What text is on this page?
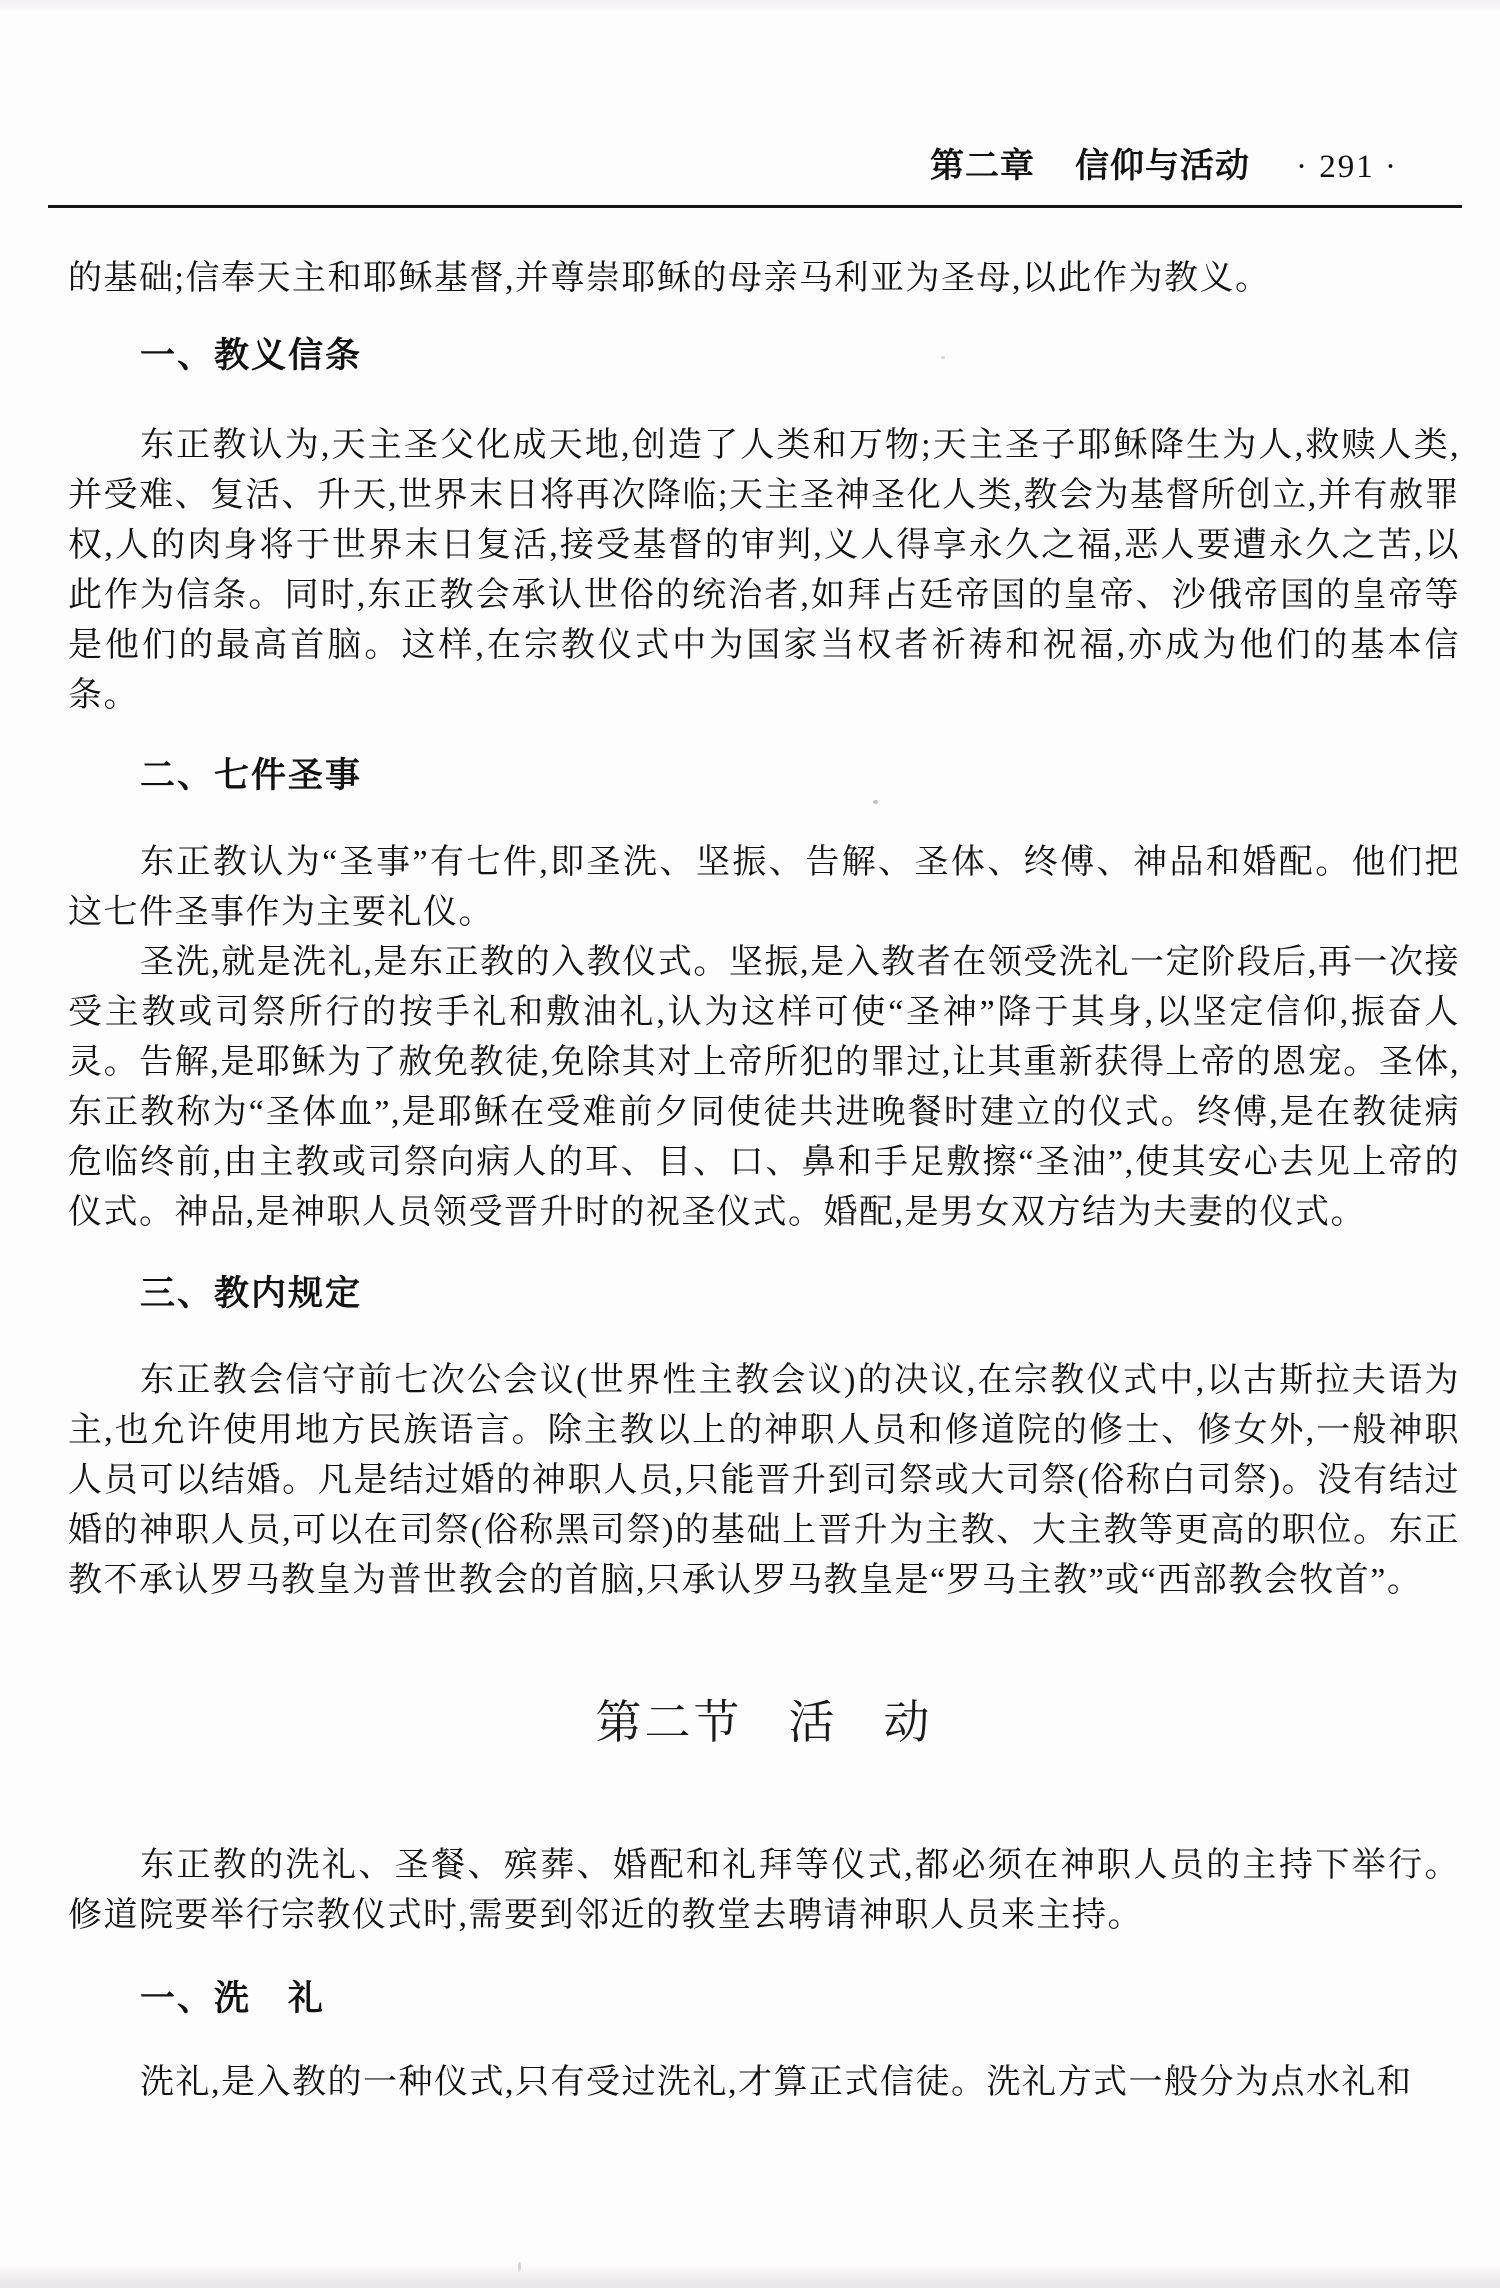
第二章 信仰与活动 · 291 ·

的基础;信奉天主和耶稣基督,并尊崇耶稣的母亲马利亚为圣母,以此作为教义。

一、教义信条

东正教认为,天主圣父化成天地,创造了人类和万物;天主圣子耶稣降生为人,救赎人类,并受难、复活、升天,世界末日将再次降临;天主圣神圣化人类,教会为基督所创立,并有赦罪权,人的肉身将于世界末日复活,接受基督的审判,义人得享永久之福,恶人要遭永久之苦,以此作为信条。同时,东正教会承认世俗的统治者,如拜占廷帝国的皇帝、沙俄帝国的皇帝等是他们的最高首脑。这样,在宗教仪式中为国家当权者祈祷和祝福,亦成为他们的基本信条。

二、七件圣事

东正教认为“圣事”有七件,即圣洗、坚振、告解、圣体、终傅、神品和婚配。他们把这七件圣事作为主要礼仪。

圣洗,就是洗礼,是东正教的入教仪式。坚振,是入教者在领受洗礼一定阶段后,再一次接受主教或司祭所行的按手礼和敷油礼,认为这样可使“圣神”降于其身,以坚定信仰,振奋人灵。告解,是耶稣为了赦免教徒,免除其对上帝所犯的罪过,让其重新获得上帝的恩宠。圣体,东正教称为“圣体血”,是耶稣在受难前夕同使徒共进晚餐时建立的仪式。终傅,是在教徒病危临终前,由主教或司祭向病人的耳、目、口、鼻和手足敷擦“圣油”,使其安心去见上帝的仪式。神品,是神职人员领受晋升时的祝圣仪式。婚配,是男女双方结为夫妻的仪式。

三、教内规定

东正教会信守前七次公会议(世界性主教会议)的决议,在宗教仪式中,以古斯拉夫语为主,也允许使用地方民族语言。除主教以上的神职人员和修道院的修士、修女外,一般神职人员可以结婚。凡是结过婚的神职人员,只能晋升到司祭或大司祭(俗称白司祭)。没有结过婚的神职人员,可以在司祭(俗称黑司祭)的基础上晋升为主教、大主教等更高的职位。东正教不承认罗马教皇为普世教会的首脑,只承认罗马教皇是“罗马主教”或“西部教会牧首”。

第二节 活 动

东正教的洗礼、圣餐、殡葬、婚配和礼拜等仪式,都必须在神职人员的主持下举行。修道院要举行宗教仪式时,需要到邻近的教堂去聘请神职人员来主持。

一、洗　礼

洗礼,是入教的一种仪式,只有受过洗礼,才算正式信徒。洗礼方式一般分为点水礼和
